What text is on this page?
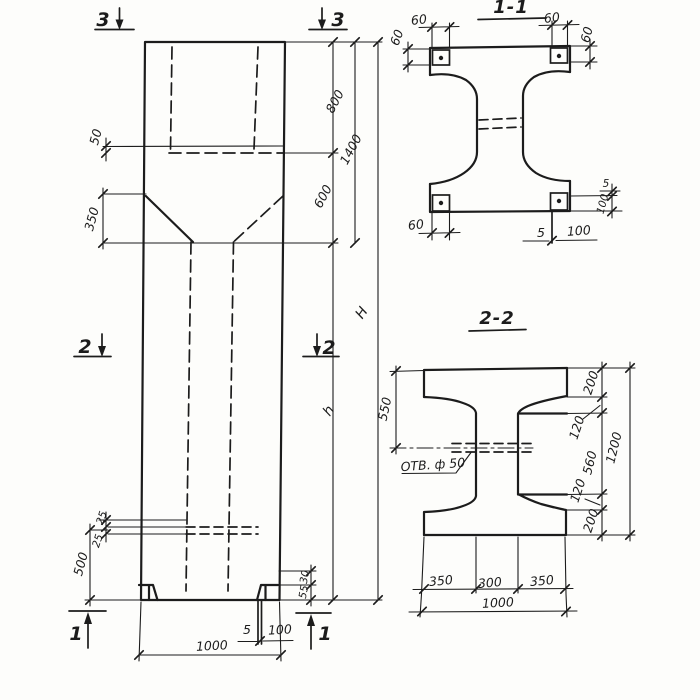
50
350
25
25
500	30
55
5 100
1000
800
600
1400
H
h
3	3
2	2
1	1
1-1
60	60
60	60
60	5 100
5
100
2-2
ОТВ. ф 50
550
200
120
560
120
200
1200
350 300 350
1000
